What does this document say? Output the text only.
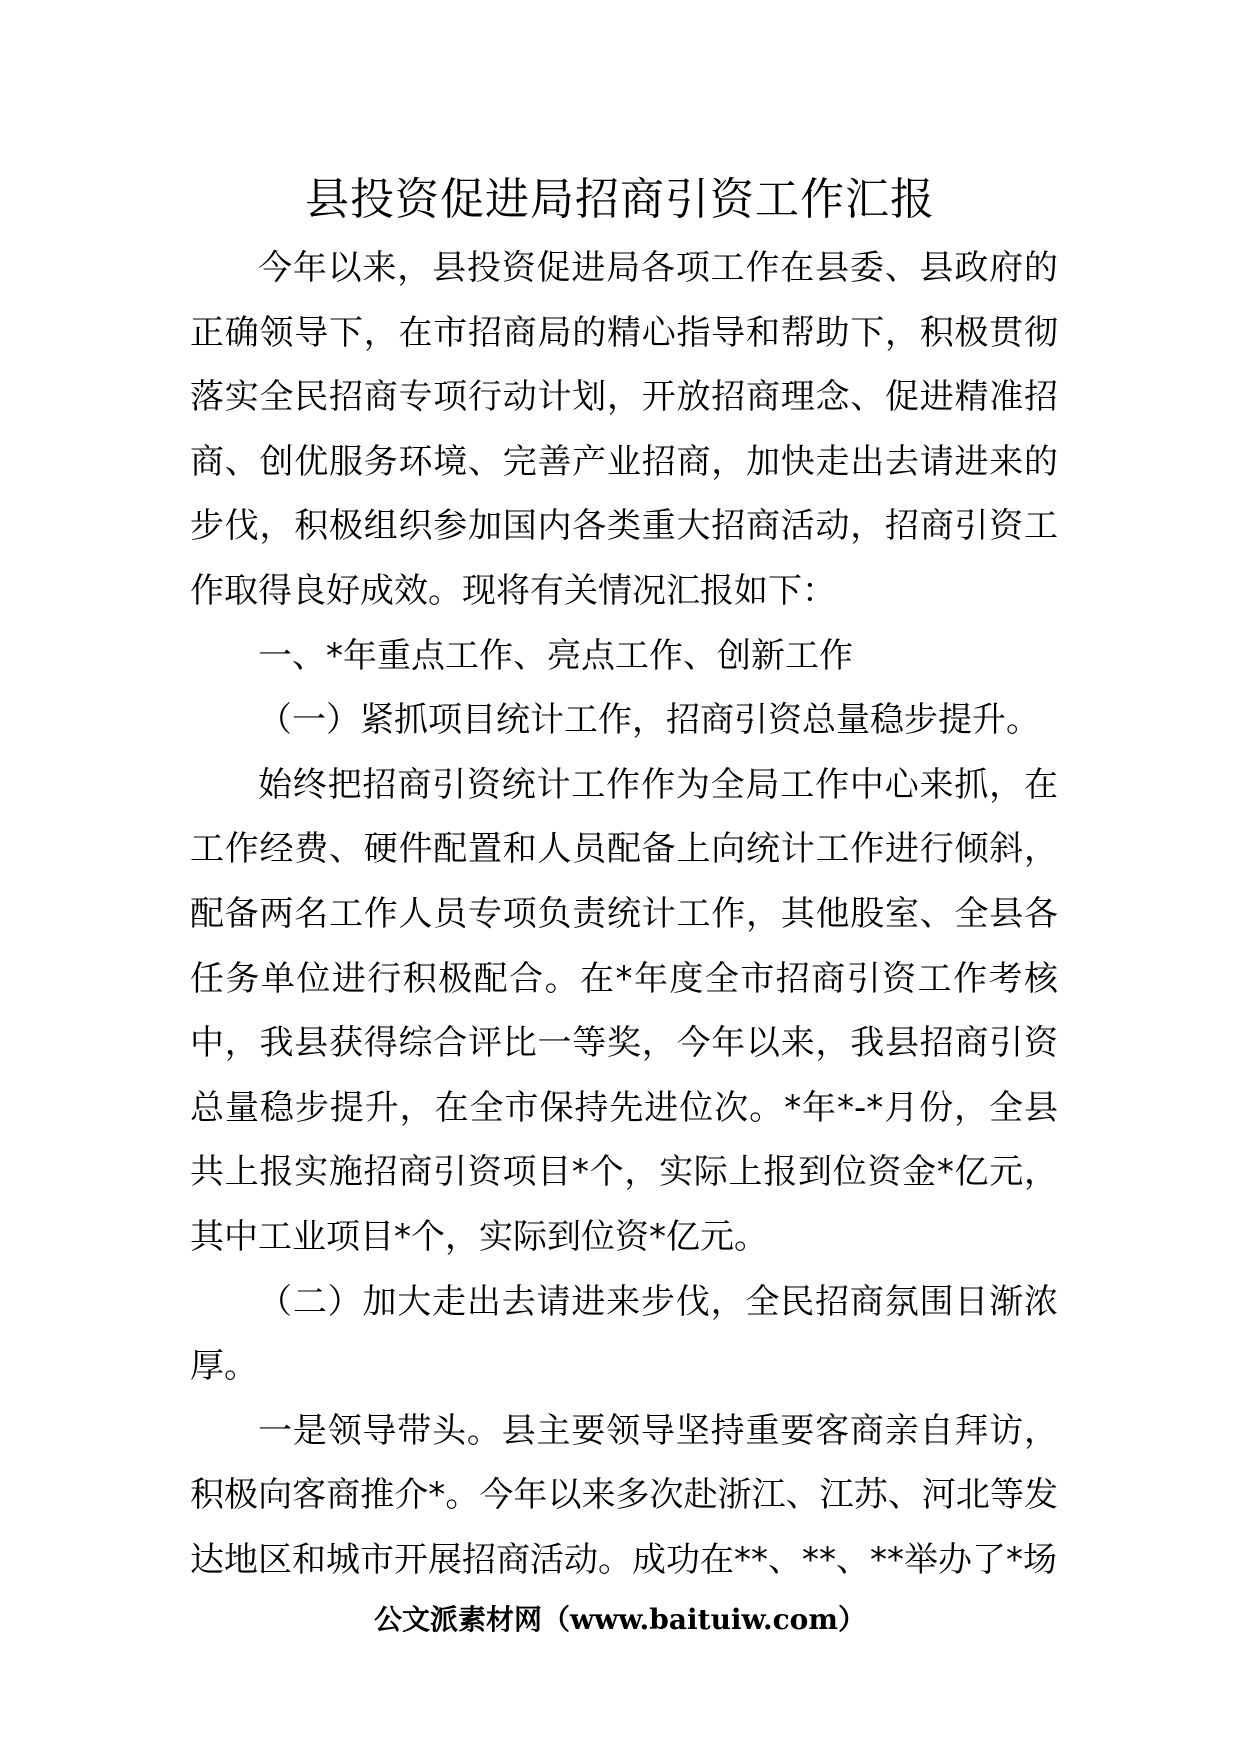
县投资促进局招商引资工作汇报

今年以来，县投资促进局各项工作在县委、县政府的正确领导下，在市招商局的精心指导和帮助下，积极贯彻落实全民招商专项行动计划，开放招商理念、促进精准招商、创优服务环境、完善产业招商，加快走出去请进来的步伐，积极组织参加国内各类重大招商活动，招商引资工作取得良好成效。现将有关情况汇报如下：

一、*年重点工作、亮点工作、创新工作

（一）紧抓项目统计工作，招商引资总量稳步提升。

始终把招商引资统计工作作为全局工作中心来抓，在工作经费、硬件配置和人员配备上向统计工作进行倾斜，配备两名工作人员专项负责统计工作，其他股室、全县各任务单位进行积极配合。在*年度全市招商引资工作考核中，我县获得综合评比一等奖，今年以来，我县招商引资总量稳步提升，在全市保持先进位次。*年*-*月份，全县共上报实施招商引资项目*个，实际上报到位资金*亿元，其中工业项目*个，实际到位资*亿元。

（二）加大走出去请进来步伐，全民招商氛围日渐浓厚。

一是领导带头。县主要领导坚持重要客商亲自拜访，积极向客商推介*。今年以来多次赴浙江、江苏、河北等发达地区和城市开展招商活动。成功在**、**、**举办了*场

公文派素材网（www.baituiw.com）
